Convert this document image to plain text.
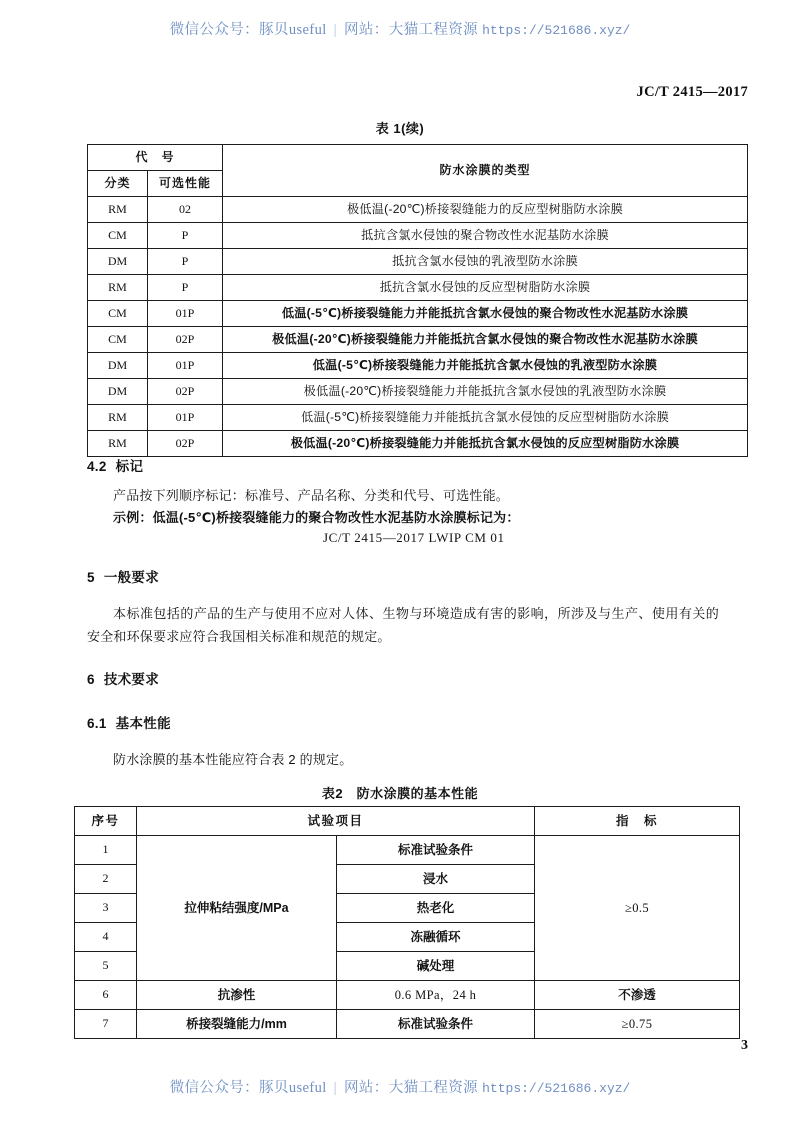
微信公众号：豚贝useful | 网站：大猫工程资源 https://521686.xyz/
JC/T 2415—2017
表 1(续)
代　号		防水涂膜的类型
分类	可选性能	
RM	02	极低温(-20℃)桥接裂缝能力的反应型树脂防水涂膜
CM	P	抵抗含氯水侵蚀的聚合物改性水泥基防水涂膜
DM	P	抵抗含氯水侵蚀的乳液型防水涂膜
RM	P	抵抗含氯水侵蚀的反应型树脂防水涂膜
CM	01P	低温(-5℃)桥接裂缝能力并能抵抗含氯水侵蚀的聚合物改性水泥基防水涂膜
CM	02P	极低温(-20℃)桥接裂缝能力并能抵抗含氯水侵蚀的聚合物改性水泥基防水涂膜
DM	01P	低温(-5℃)桥接裂缝能力并能抵抗含氯水侵蚀的乳液型防水涂膜
DM	02P	极低温(-20℃)桥接裂缝能力并能抵抗含氯水侵蚀的乳液型防水涂膜
RM	01P	低温(-5℃)桥接裂缝能力并能抵抗含氯水侵蚀的反应型树脂防水涂膜
RM	02P	极低温(-20℃)桥接裂缝能力并能抵抗含氯水侵蚀的反应型树脂防水涂膜
4.2 标记
产品按下列顺序标记：标准号、产品名称、分类和代号、可选性能。
示例：低温(-5℃)桥接裂缝能力的聚合物改性水泥基防水涂膜标记为：
JC/T 2415—2017 LWIP CM 01
5 一般要求
本标准包括的产品的生产与使用不应对人体、生物与环境造成有害的影响，所涉及与生产、使用有关的安全和环保要求应符合我国相关标准和规范的规定。
6 技术要求
6.1 基本性能
防水涂膜的基本性能应符合表 2 的规定。
表2　防水涂膜的基本性能
序号	试验项目		指　标
1	拉伸粘结强度/MPa	标准试验条件	≥0.5
2		浸水	
3		热老化	
4		冻融循环	
5		碱处理	
6	抗渗性	0.6 MPa，24 h	不渗透
7	桥接裂缝能力/mm	标准试验条件	≥0.75
3
微信公众号：豚贝useful | 网站：大猫工程资源 https://521686.xyz/
